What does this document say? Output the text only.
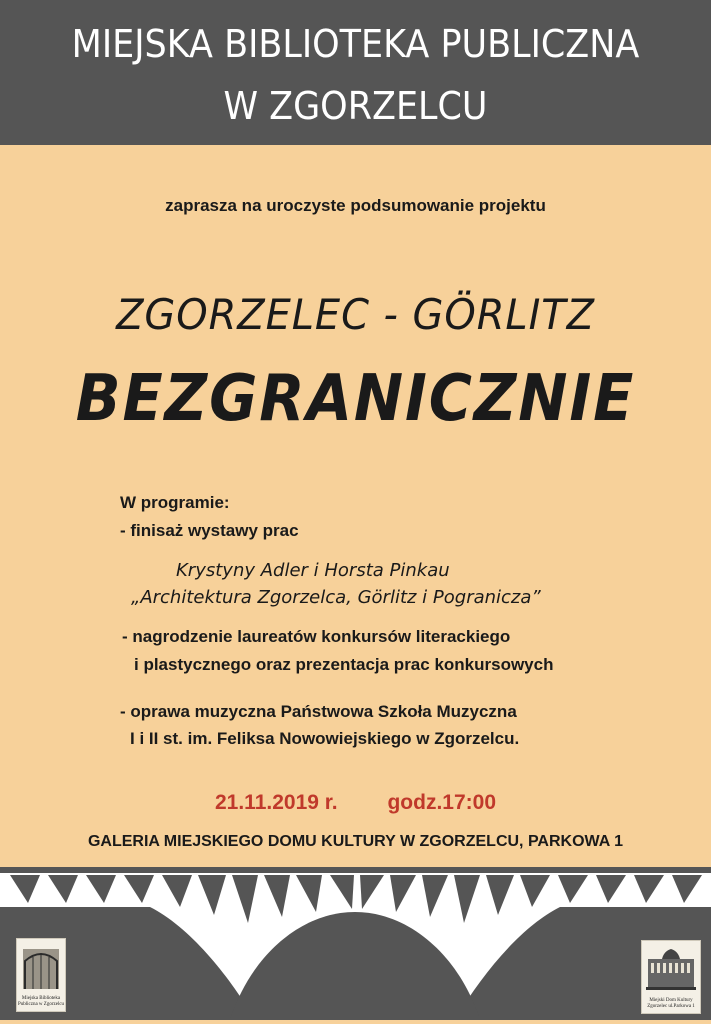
MIEJSKA BIBLIOTEKA PUBLICZNA
W ZGORZELCU
zaprasza na uroczyste podsumowanie projektu
ZGORZELEC - GÖRLITZ
BEZGRANICZNIE
W programie:
- finisaż wystawy prac
Krystyny Adler i Horsta Pinkau
„Architektura Zgorzelca, Görlitz i Pogranicza”
- nagrodzenie laureatów konkursów literackiego
i plastycznego oraz prezentacja prac konkursowych
- oprawa muzyczna Państwowa Szkoła Muzyczna
I i II st. im. Feliksa Nowowiejskiego w Zgorzelcu.
21.11.2019 r. godz.17:00
GALERIA MIEJSKIEGO DOMU KULTURY W ZGORZELCU, PARKOWA 1
Miejska Biblioteka Publiczna w Zgorzelcu
Miejski Dom Kultury Zgorzelec ul.Parkowa 1
